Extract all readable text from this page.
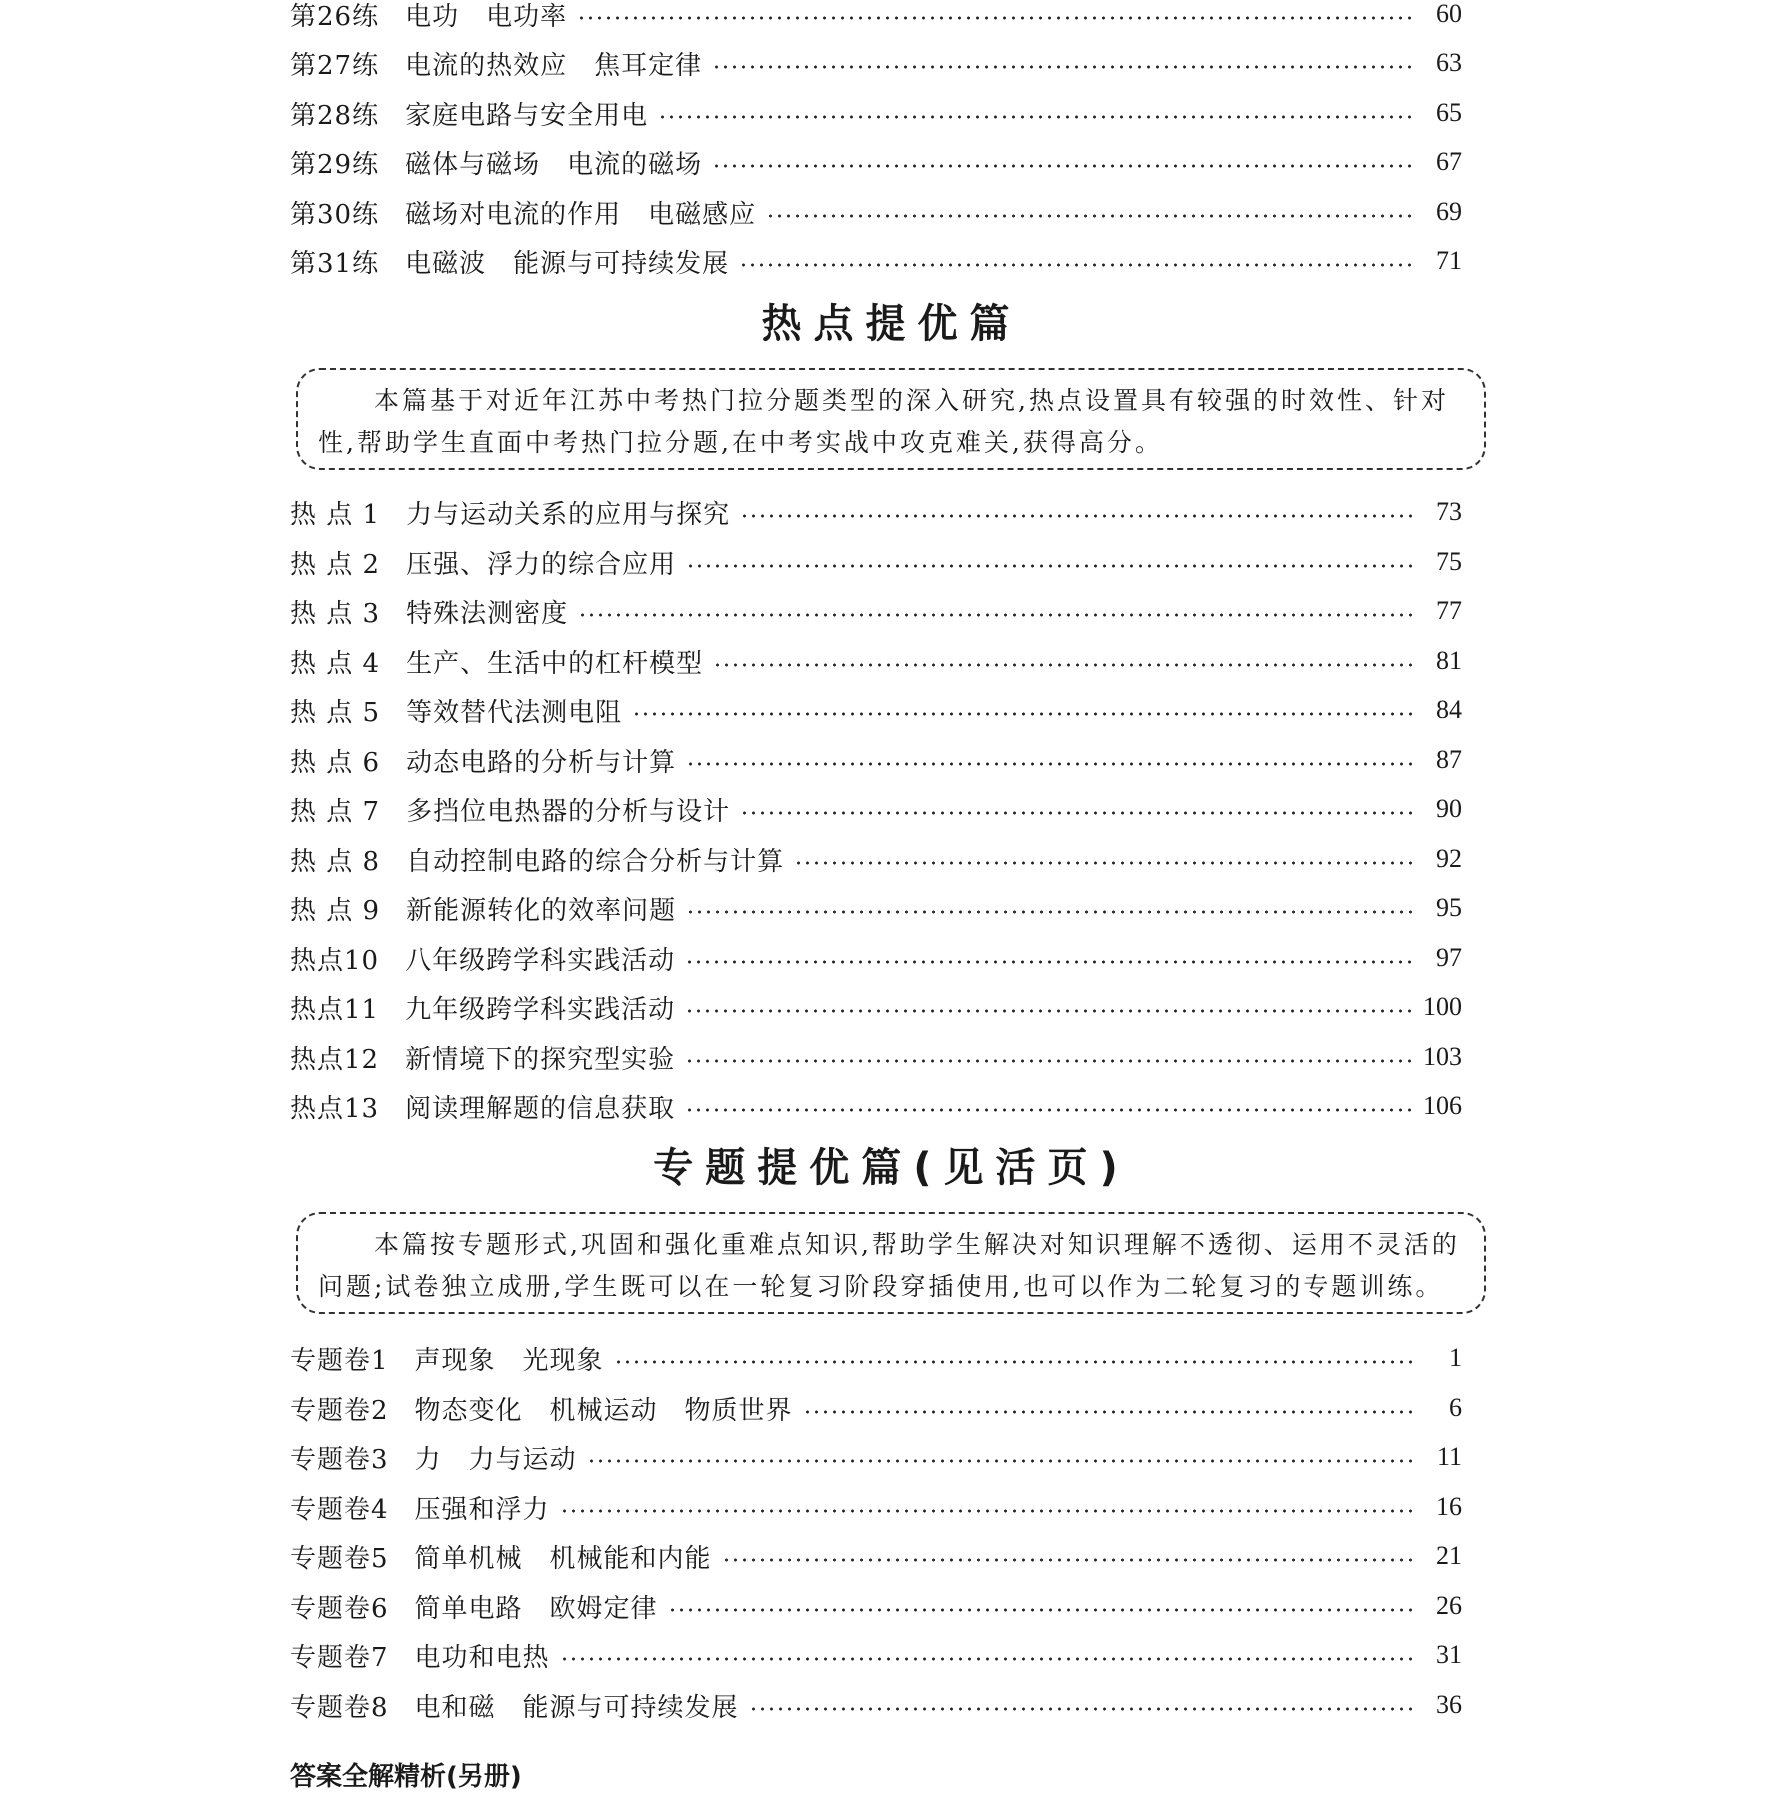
第26练 电功　电功率	60
第27练 电流的热效应　焦耳定律	63
第28练 家庭电路与安全用电	65
第29练 磁体与磁场　电流的磁场	67
第30练 磁场对电流的作用　电磁感应	69
第31练 电磁波　能源与可持续发展	71
热点提优篇
本篇基于对近年江苏中考热门拉分题类型的深入研究,热点设置具有较强的时效性、针对性,帮助学生直面中考热门拉分题,在中考实战中攻克难关,获得高分。
热 点 1 力与运动关系的应用与探究	73
热 点 2 压强、浮力的综合应用	75
热 点 3 特殊法测密度	77
热 点 4 生产、生活中的杠杆模型	81
热 点 5 等效替代法测电阻	84
热 点 6 动态电路的分析与计算	87
热 点 7 多挡位电热器的分析与设计	90
热 点 8 自动控制电路的综合分析与计算	92
热 点 9 新能源转化的效率问题	95
热点10 八年级跨学科实践活动	97
热点11 九年级跨学科实践活动	100
热点12 新情境下的探究型实验	103
热点13 阅读理解题的信息获取	106
专题提优篇(见活页)
本篇按专题形式,巩固和强化重难点知识,帮助学生解决对知识理解不透彻、运用不灵活的问题;试卷独立成册,学生既可以在一轮复习阶段穿插使用,也可以作为二轮复习的专题训练。
专题卷1 声现象　光现象	1
专题卷2 物态变化　机械运动　物质世界	6
专题卷3 力　力与运动	11
专题卷4 压强和浮力	16
专题卷5 简单机械　机械能和内能	21
专题卷6 简单电路　欧姆定律	26
专题卷7 电功和电热	31
专题卷8 电和磁　能源与可持续发展	36
答案全解精析(另册)
